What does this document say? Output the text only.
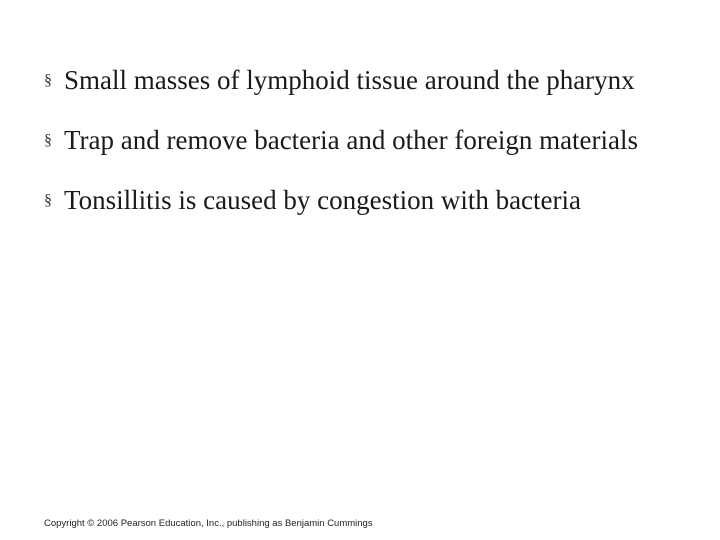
§ Small masses of lymphoid tissue around the pharynx
§ Trap and remove bacteria and other foreign materials
§ Tonsillitis is caused by congestion with bacteria
Copyright © 2006 Pearson Education, Inc., publishing as Benjamin Cummings
